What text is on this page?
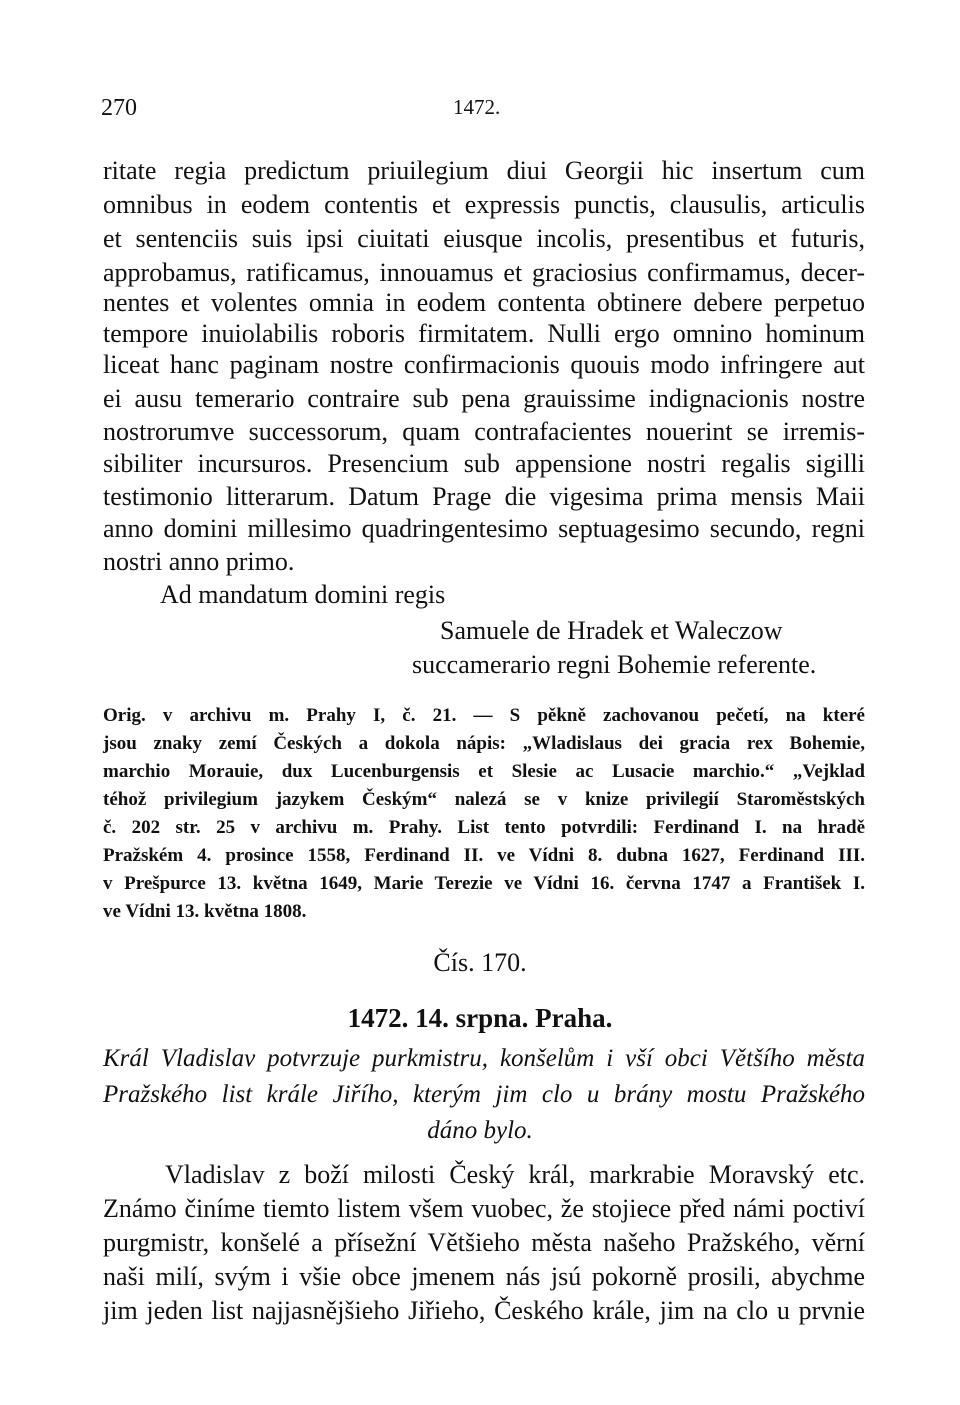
270	1472.
ritate regia predictum priuilegium diui Georgii hic insertum cum
omnibus in eodem contentis et expressis punctis, clausulis, articulis
et sentenciis suis ipsi ciuitati eiusque incolis, presentibus et futuris,
approbamus, ratificamus, innouamus et graciosius confirmamus, decer-
nentes et volentes omnia in eodem contenta obtinere debere perpetuo
tempore inuiolabilis roboris firmitatem. Nulli ergo omnino hominum
liceat hanc paginam nostre confirmacionis quouis modo infringere aut
ei ausu temerario contraire sub pena grauissime indignacionis nostre
nostrorumve successorum, quam contrafacientes nouerint se irremis-
sibiliter incursuros. Presencium sub appensione nostri regalis sigilli
testimonio litterarum. Datum Prage die vigesima prima mensis Maii
anno domini millesimo quadringentesimo septuagesimo secundo, regni
nostri anno primo.
Ad mandatum domini regis
Samuele de Hradek et Waleczow
succamerario regni Bohemie referente.
Orig. v archivu m. Prahy I, č. 21. — S pěkně zachovanou pečetí, na které
jsou znaky zemí Českých a dokola nápis: „Wladislaus dei gracia rex Bohemie,
marchio Morauie, dux Lucenburgensis et Slesie ac Lusacie marchio.“ „Vejklad
téhož privilegium jazykem Českým“ nalezá se v knize privilegií Staroměstských
č. 202 str. 25 v archivu m. Prahy. List tento potvrdili: Ferdinand I. na hradě
Pražském 4. prosince 1558, Ferdinand II. ve Vídni 8. dubna 1627, Ferdinand III.
v Prešpurce 13. května 1649, Marie Terezie ve Vídni 16. června 1747 a František I.
ve Vídni 13. května 1808.
Čís. 170.
1472. 14. srpna. Praha.
Král Vladislav potvrzuje purkmistru, konšelům i vší obci Většího města
Pražského list krále Jiřího, kterým jim clo u brány mostu Pražského
dáno bylo.
Vladislav z boží milosti Český král, markrabie Moravský etc.
Známo činíme tiemto listem všem vuobec, že stojiece před námi poctiví
purgmistr, konšelé a přísežní Většieho města našeho Pražského, věrní
naši milí, svým i všie obce jmenem nás jsú pokorně prosili, abychme
jim jeden list najjasnějšieho Jiřieho, Českého krále, jim na clo u prvnie
